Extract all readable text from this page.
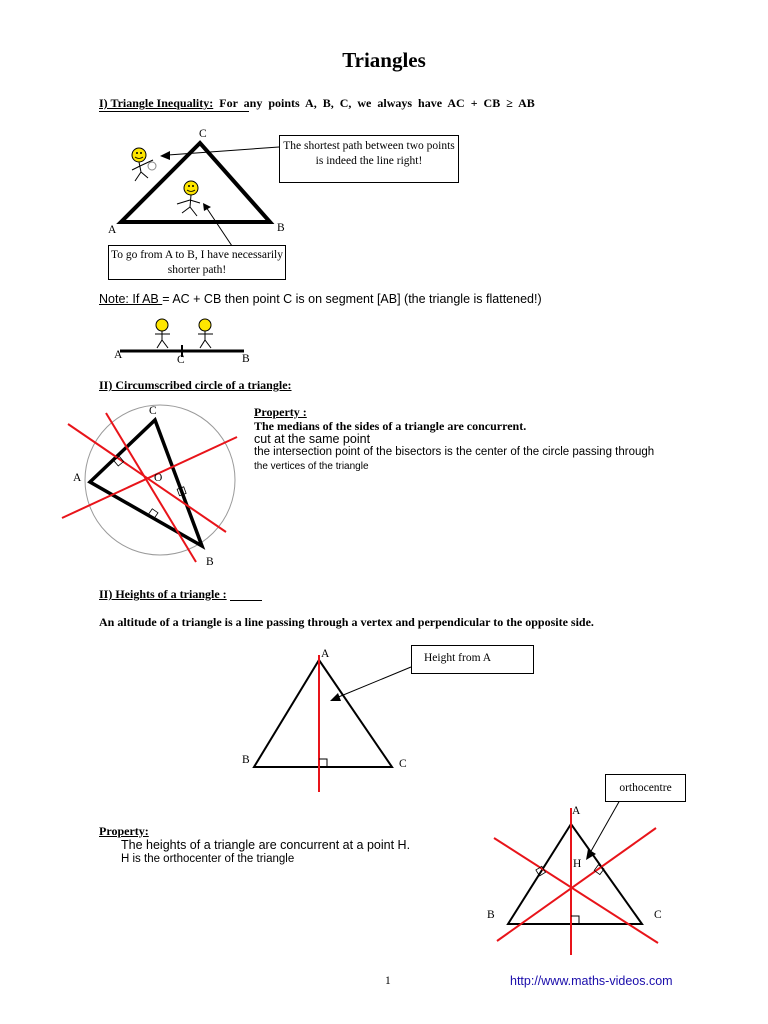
Triangles
I) Triangle Inequality: For any points A, B, C, we always have AC + CB ≥ AB
C
A	B
The shortest path between two points is indeed the line right!
To go from A to B, I have necessarily shorter path!
Note: If AB = AC + CB then point C is on segment [AB] (the triangle is flattened!)
A	C	B
II) Circumscribed circle of a triangle:
C
A
B
O
Property :
The medians of the sides of a triangle are concurrent.
cut at the same point
the intersection point of the bisectors is the center of the circle passing through
the vertices of the triangle
II) Heights of a triangle :
An altitude of a triangle is a line passing through a vertex and perpendicular to the opposite side.
A
B	C
Height from A
Property:
The heights of a triangle are concurrent at a point H.
H is the orthocenter of the triangle
orthocentre
A
H
B	C
1	http://www.maths-videos.com
